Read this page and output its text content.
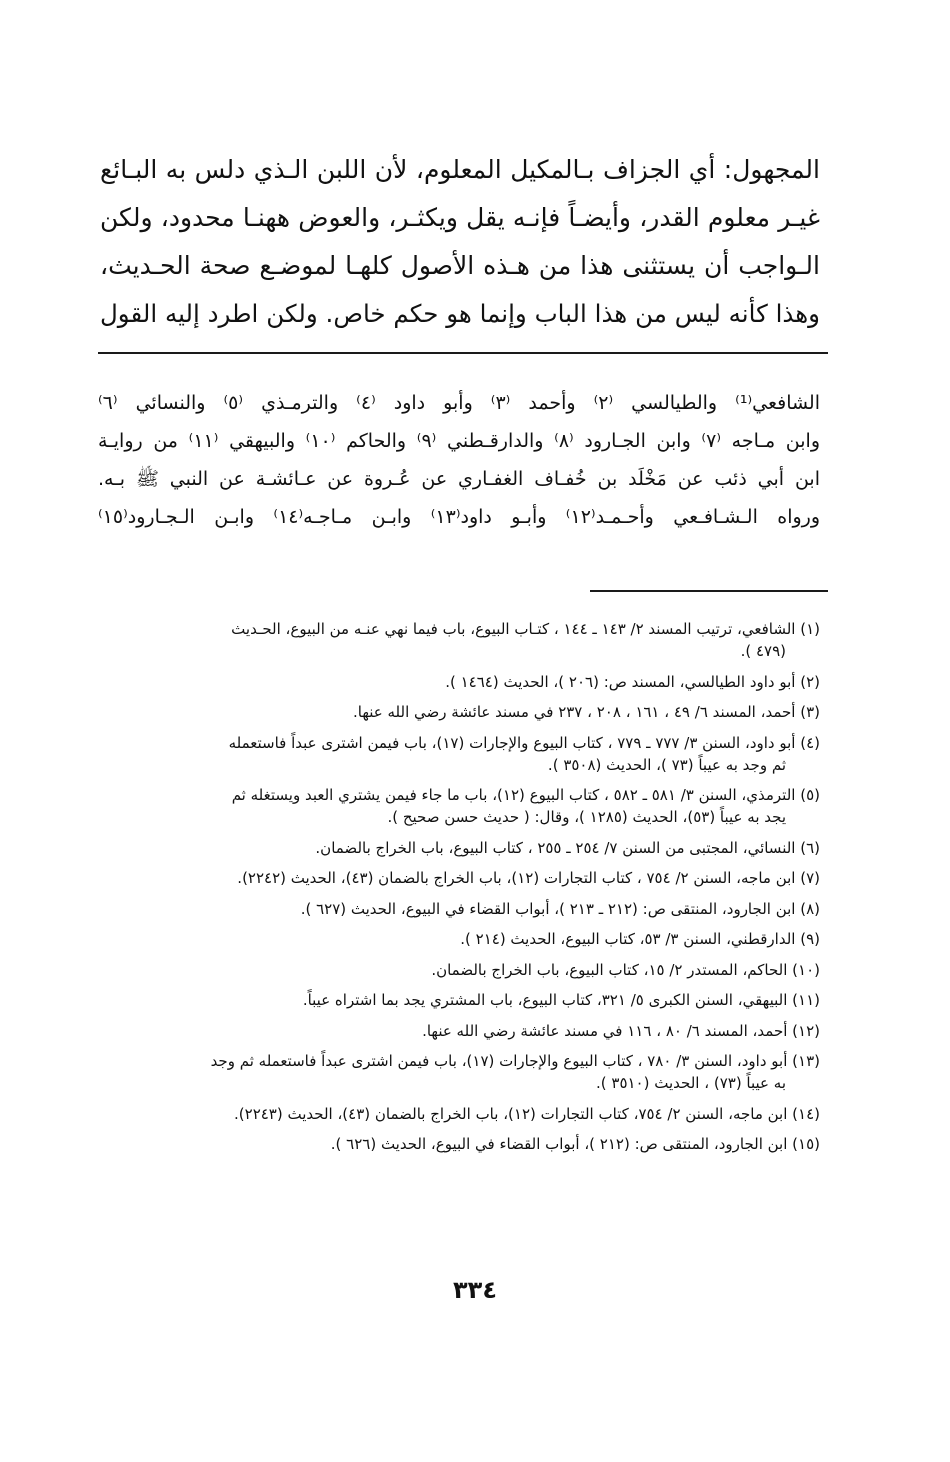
المجهول: أي الجزاف بـالمكيل المعلوم، لأن اللبن الـذي دلس به البـائع
غيـر معلوم القدر، وأيضـاً فإنـه يقل ويكثـر، والعوض ههنـا محدود، ولكن
الـواجب أن يستثنى هذا من هـذه الأصول كلهـا لموضـع صحة الحـديث،
وهذا كأنه ليس من هذا الباب وإنما هو حكم خاص. ولكن اطرد إليه القول
الشافعي⁽¹⁾ والطيالسي ⁽٢⁾ وأحمد ⁽٣⁾ وأبو داود ⁽٤⁾ والترمـذي ⁽٥⁾ والنسائي ⁽٦⁾
وابن مـاجه ⁽٧⁾ وابن الجـارود ⁽٨⁾ والدارقـطني ⁽٩⁾ والحاكم ⁽١٠⁾ والبيهقي ⁽١١⁾ من روايـة
ابن أبي ذئب عن مَخْلَد بن خُفـاف الغفـاري عن عُـروة عن عـائشـة عن النبي ﷺ بـه.
ورواه الـشـافـعي وأحـمـد⁽١٢⁾ وأبـو داود⁽١٣⁾ وابـن مـاجـه⁽١٤⁾ وابـن الـجـارود⁽١٥⁾
(١) الشافعي، ترتيب المسند ٢/ ١٤٣ ـ ١٤٤ ، كتـاب البيوع، باب فيما نهي عنـه من البيوع، الحـديث
(٤٧٩ ).
(٢) أبو داود الطيالسي، المسند ص: (٢٠٦ )، الحديث (١٤٦٤ ).
(٣) أحمد، المسند ٦/ ٤٩ ، ١٦١ ، ٢٠٨ ، ٢٣٧ في مسند عائشة رضي الله عنها.
(٤) أبو داود، السنن ٣/ ٧٧٧ ـ ٧٧٩ ، كتاب البيوع والإجارات (١٧)، باب فيمن اشترى عبداً فاستعمله
ثم وجد به عيباً (٧٣ )، الحديث (٣٥٠٨ ).
(٥) الترمذي، السنن ٣/ ٥٨١ ـ ٥٨٢ ، كتاب البيوع (١٢)، باب ما جاء فيمن يشتري العبد ويستغله ثم
يجد به عيباً (٥٣)، الحديث (١٢٨٥ )، وقال: ( حديث حسن صحيح ).
(٦) النسائي، المجتبى من السنن ٧/ ٢٥٤ ـ ٢٥٥ ، كتاب البيوع، باب الخراج بالضمان.
(٧) ابن ماجه، السنن ٢/ ٧٥٤ ، كتاب التجارات (١٢)، باب الخراج بالضمان (٤٣)، الحديث (٢٢٤٢).
(٨) ابن الجارود، المنتقى ص: (٢١٢ ـ ٢١٣ )، أبواب القضاء في البيوع، الحديث (٦٢٧ ).
(٩) الدارقطني، السنن ٣/ ٥٣، كتاب البيوع، الحديث (٢١٤ ).
(١٠) الحاكم، المستدر ٢/ ١٥، كتاب البيوع، باب الخراج بالضمان.
(١١) البيهقي، السنن الكبرى ٥/ ٣٢١، كتاب البيوع، باب المشتري يجد بما اشتراه عيباً.
(١٢) أحمد، المسند ٦/ ٨٠ ، ١١٦ في مسند عائشة رضي الله عنها.
(١٣) أبو داود، السنن ٣/ ٧٨٠ ، كتاب البيوع والإجارات (١٧)، باب فيمن اشترى عبداً فاستعمله ثم وجد
به عيباً (٧٣) ، الحديث (٣٥١٠ ).
(١٤) ابن ماجه، السنن ٢/ ٧٥٤، كتاب التجارات (١٢)، باب الخراج بالضمان (٤٣)، الحديث (٢٢٤٣).
(١٥) ابن الجارود، المنتقى ص: (٢١٢ )، أبواب القضاء في البيوع، الحديث (٦٢٦ ).
٣٣٤
